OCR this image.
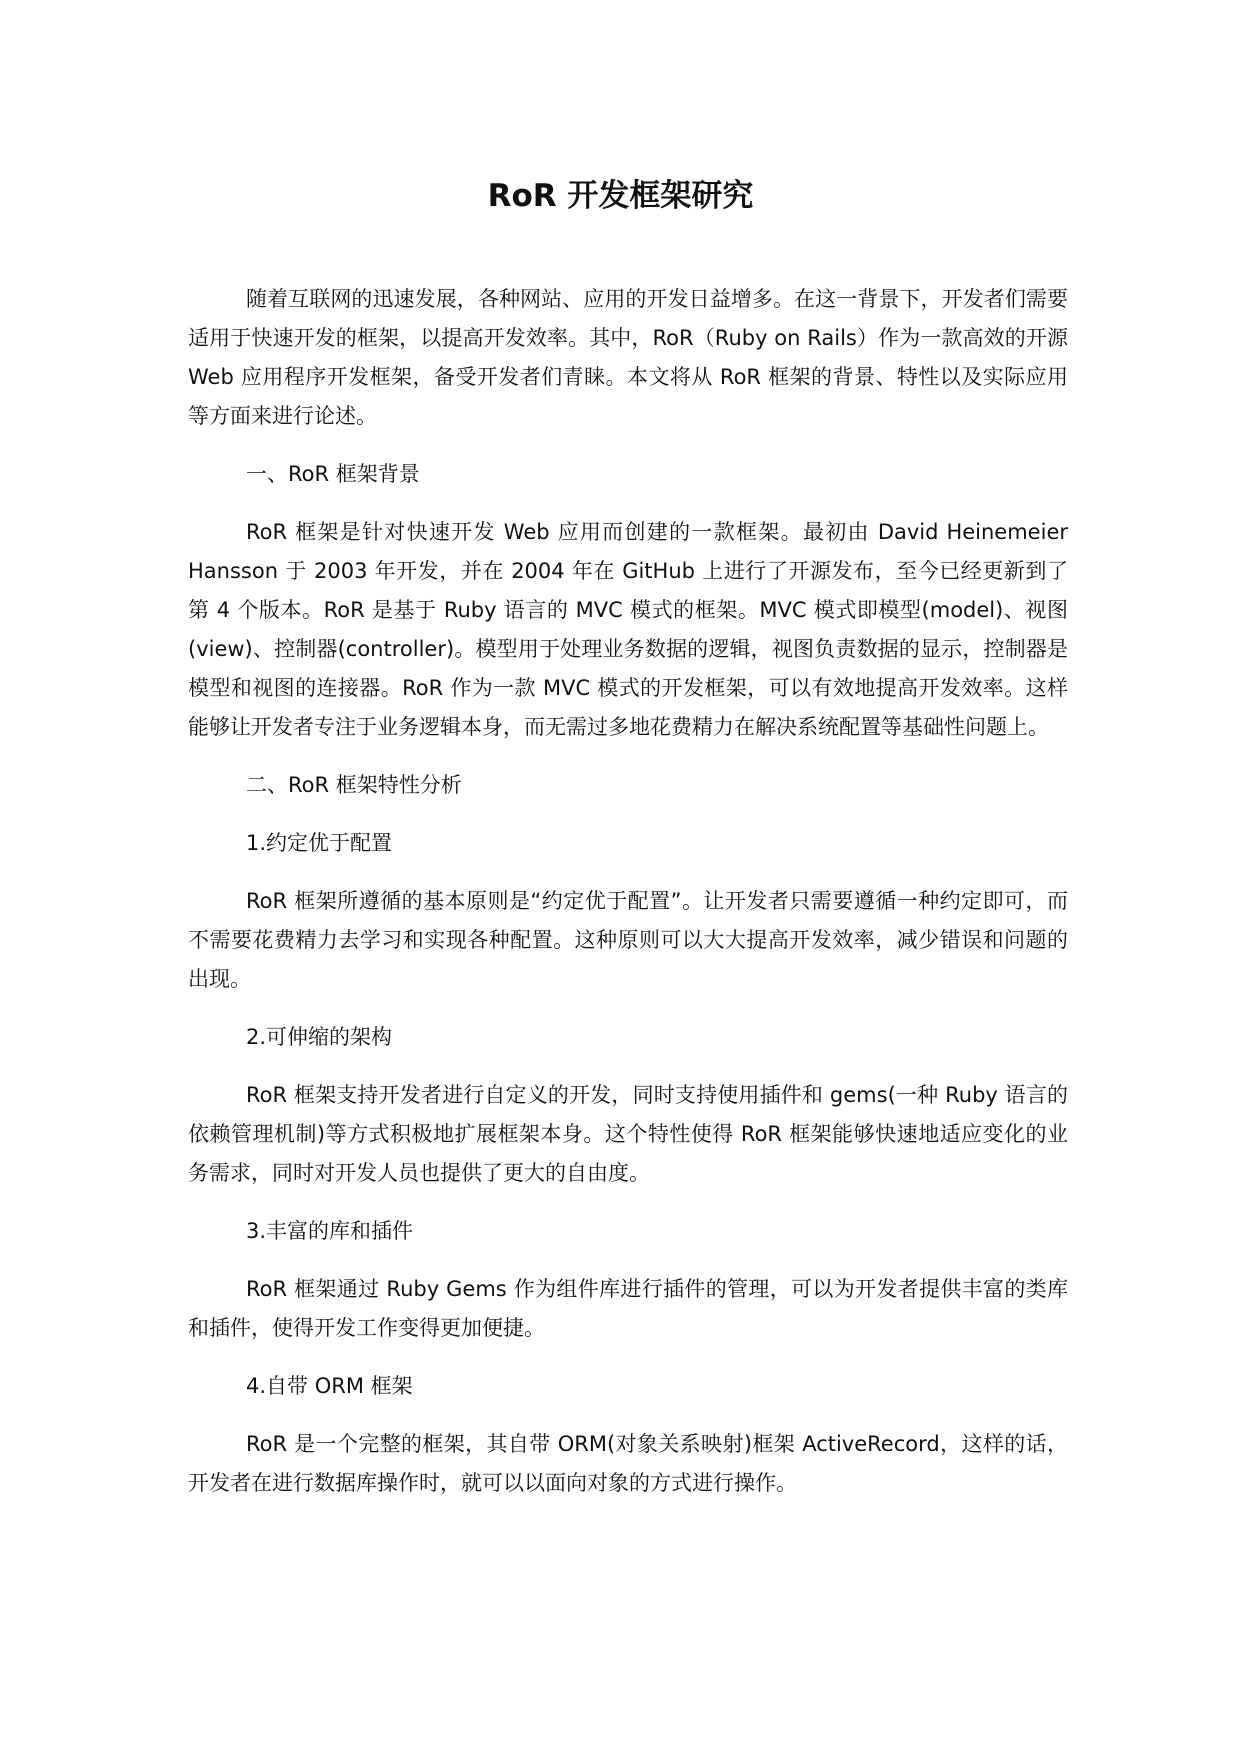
RoR 开发框架研究

随着互联网的迅速发展，各种网站、应用的开发日益增多。在这一背景下，开发者们需要适用于快速开发的框架，以提高开发效率。其中，RoR（Ruby on Rails）作为一款高效的开源 Web 应用程序开发框架，备受开发者们青睐。本文将从 RoR 框架的背景、特性以及实际应用等方面来进行论述。

一、RoR 框架背景

RoR 框架是针对快速开发 Web 应用而创建的一款框架。最初由 David Heinemeier Hansson 于 2003 年开发，并在 2004 年在 GitHub 上进行了开源发布，至今已经更新到了第 4 个版本。RoR 是基于 Ruby 语言的 MVC 模式的框架。MVC 模式即模型(model)、视图(view)、控制器(controller)。模型用于处理业务数据的逻辑，视图负责数据的显示，控制器是模型和视图的连接器。RoR 作为一款 MVC 模式的开发框架，可以有效地提高开发效率。这样能够让开发者专注于业务逻辑本身，而无需过多地花费精力在解决系统配置等基础性问题上。

二、RoR 框架特性分析

1.约定优于配置

RoR 框架所遵循的基本原则是“约定优于配置”。让开发者只需要遵循一种约定即可，而不需要花费精力去学习和实现各种配置。这种原则可以大大提高开发效率，减少错误和问题的出现。

2.可伸缩的架构

RoR 框架支持开发者进行自定义的开发，同时支持使用插件和 gems(一种 Ruby 语言的依赖管理机制)等方式积极地扩展框架本身。这个特性使得 RoR 框架能够快速地适应变化的业务需求，同时对开发人员也提供了更大的自由度。

3.丰富的库和插件

RoR 框架通过 Ruby Gems 作为组件库进行插件的管理，可以为开发者提供丰富的类库和插件，使得开发工作变得更加便捷。

4.自带 ORM 框架

RoR 是一个完整的框架，其自带 ORM(对象关系映射)框架 ActiveRecord，这样的话，开发者在进行数据库操作时，就可以以面向对象的方式进行操作。
